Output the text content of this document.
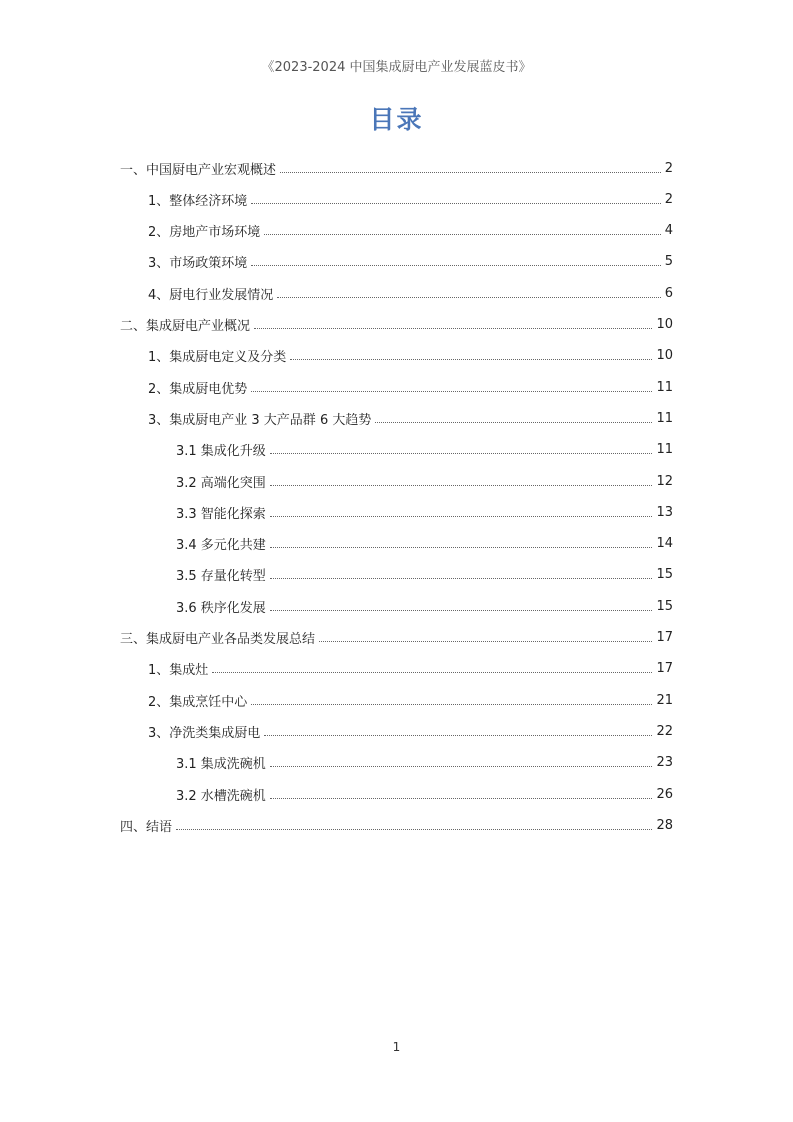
《2023-2024 中国集成厨电产业发展蓝皮书》
目录
一、中国厨电产业宏观概述	2
1、整体经济环境	2
2、房地产市场环境	4
3、市场政策环境	5
4、厨电行业发展情况	6
二、集成厨电产业概况	10
1、集成厨电定义及分类	10
2、集成厨电优势	11
3、集成厨电产业 3 大产品群 6 大趋势	11
3.1 集成化升级	11
3.2 高端化突围	12
3.3 智能化探索	13
3.4 多元化共建	14
3.5 存量化转型	15
3.6 秩序化发展	15
三、集成厨电产业各品类发展总结	17
1、集成灶	17
2、集成烹饪中心	21
3、净洗类集成厨电	22
3.1 集成洗碗机	23
3.2 水槽洗碗机	26
四、结语	28
1
